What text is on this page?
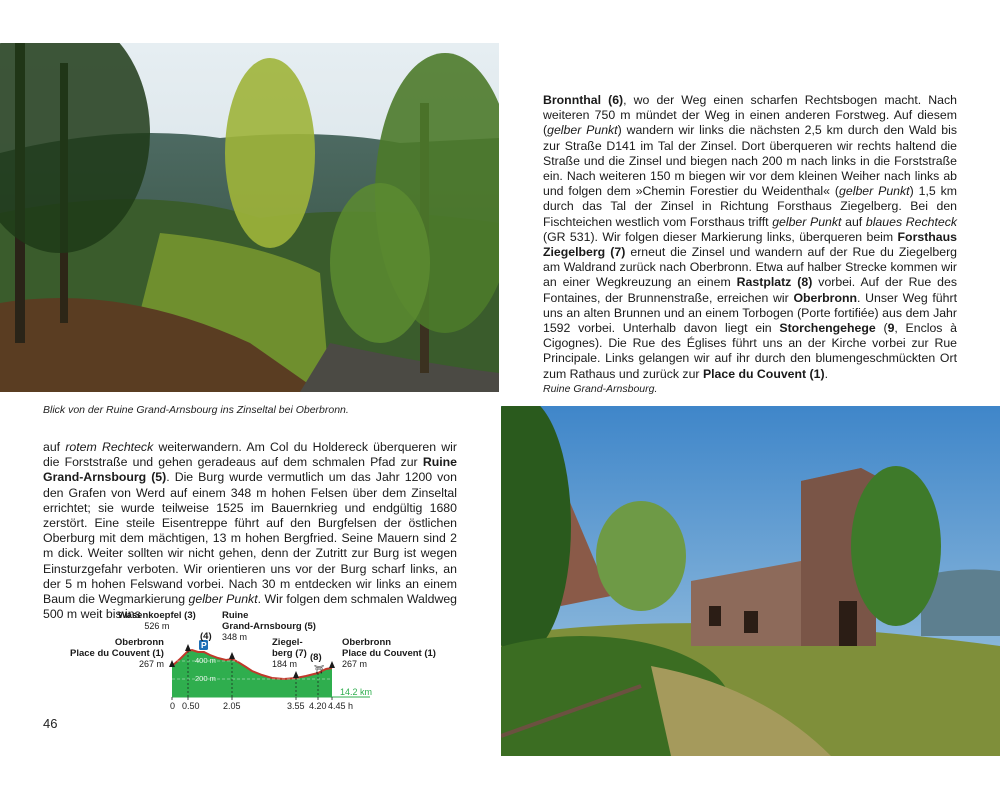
Bronnthal (6), wo der Weg einen scharfen Rechtsbogen macht. Nach weiteren 750 m mündet der Weg in einen anderen Forstweg. Auf diesem (gelber Punkt) wandern wir links die nächsten 2,5 km durch den Wald bis zur Straße D141 im Tal der Zinsel. Dort überqueren wir rechts haltend die Straße und die Zinsel und biegen nach 200 m nach links in die Forststraße ein. Nach weiteren 150 m biegen wir vor dem kleinen Weiher nach links ab und folgen dem »Chemin Forestier du Weidenthal« (gelber Punkt) 1,5 km durch das Tal der Zinsel in Richtung Forsthaus Ziegelberg. Bei den Fischteichen westlich vom Forsthaus trifft gelber Punkt auf blaues Rechteck (GR 531). Wir folgen dieser Markierung links, überqueren beim Forsthaus Ziegelberg (7) erneut die Zinsel und wandern auf der Rue du Ziegelberg am Waldrand zurück nach Oberbronn. Etwa auf halber Strecke kommen wir an einer Wegkreuzung an einem Rastplatz (8) vorbei. Auf der Rue des Fontaines, der Brunnenstraße, erreichen wir Oberbronn. Unser Weg führt uns an alten Brunnen und an einem Torbogen (Porte fortifiée) aus dem Jahr 1592 vorbei. Unterhalb davon liegt ein Storchengehege (9, Enclos à Cigognes). Die Rue des Églises führt uns an der Kirche vorbei zur Rue Principale. Links gelangen wir auf ihr durch den blumengeschmückten Ort zum Rathaus und zurück zur Place du Couvent (1).
Ruine Grand-Arnsbourg.
Blick von der Ruine Grand-Arnsbourg ins Zinseltal bei Oberbronn.
auf rotem Rechteck weiterwandern. Am Col du Holdereck überqueren wir die Forststraße und gehen geradeaus auf dem schmalen Pfad zur Ruine Grand-Arnsbourg (5). Die Burg wurde vermutlich um das Jahr 1200 von den Grafen von Werd auf einem 348 m hohen Felsen über dem Zinseltal errichtet; sie wurde teilweise 1525 im Bauernkrieg und endgültig 1680 zerstört. Eine steile Eisentreppe führt auf den Burgfelsen der östlichen Oberburg mit dem mächtigen, 13 m hohen Bergfried. Seine Mauern sind 2 m dick. Weiter sollten wir nicht gehen, denn der Zutritt zur Burg ist wegen Einsturzgefahr verboten. Wir orientieren uns vor der Burg scharf links, an der 5 m hohen Felswand vorbei. Nach 30 m entdecken wir links an einem Baum die Wegmarkierung gelber Punkt. Wir folgen dem schmalen Waldweg 500 m weit bis ins
⛩
Wasenkoepfel (3)
526 m
(4)
P
Ruine
Grand-Arnsbourg (5)
348 m
Oberbronn
Place du Couvent (1)
267 m
Ziegel-
berg (7)
184 m
(8)
Oberbronn
Place du Couvent (1)
267 m
400 m
200 m
14.2 km
0 0.50	2.05	3.55 4.20 4.45 h
46
